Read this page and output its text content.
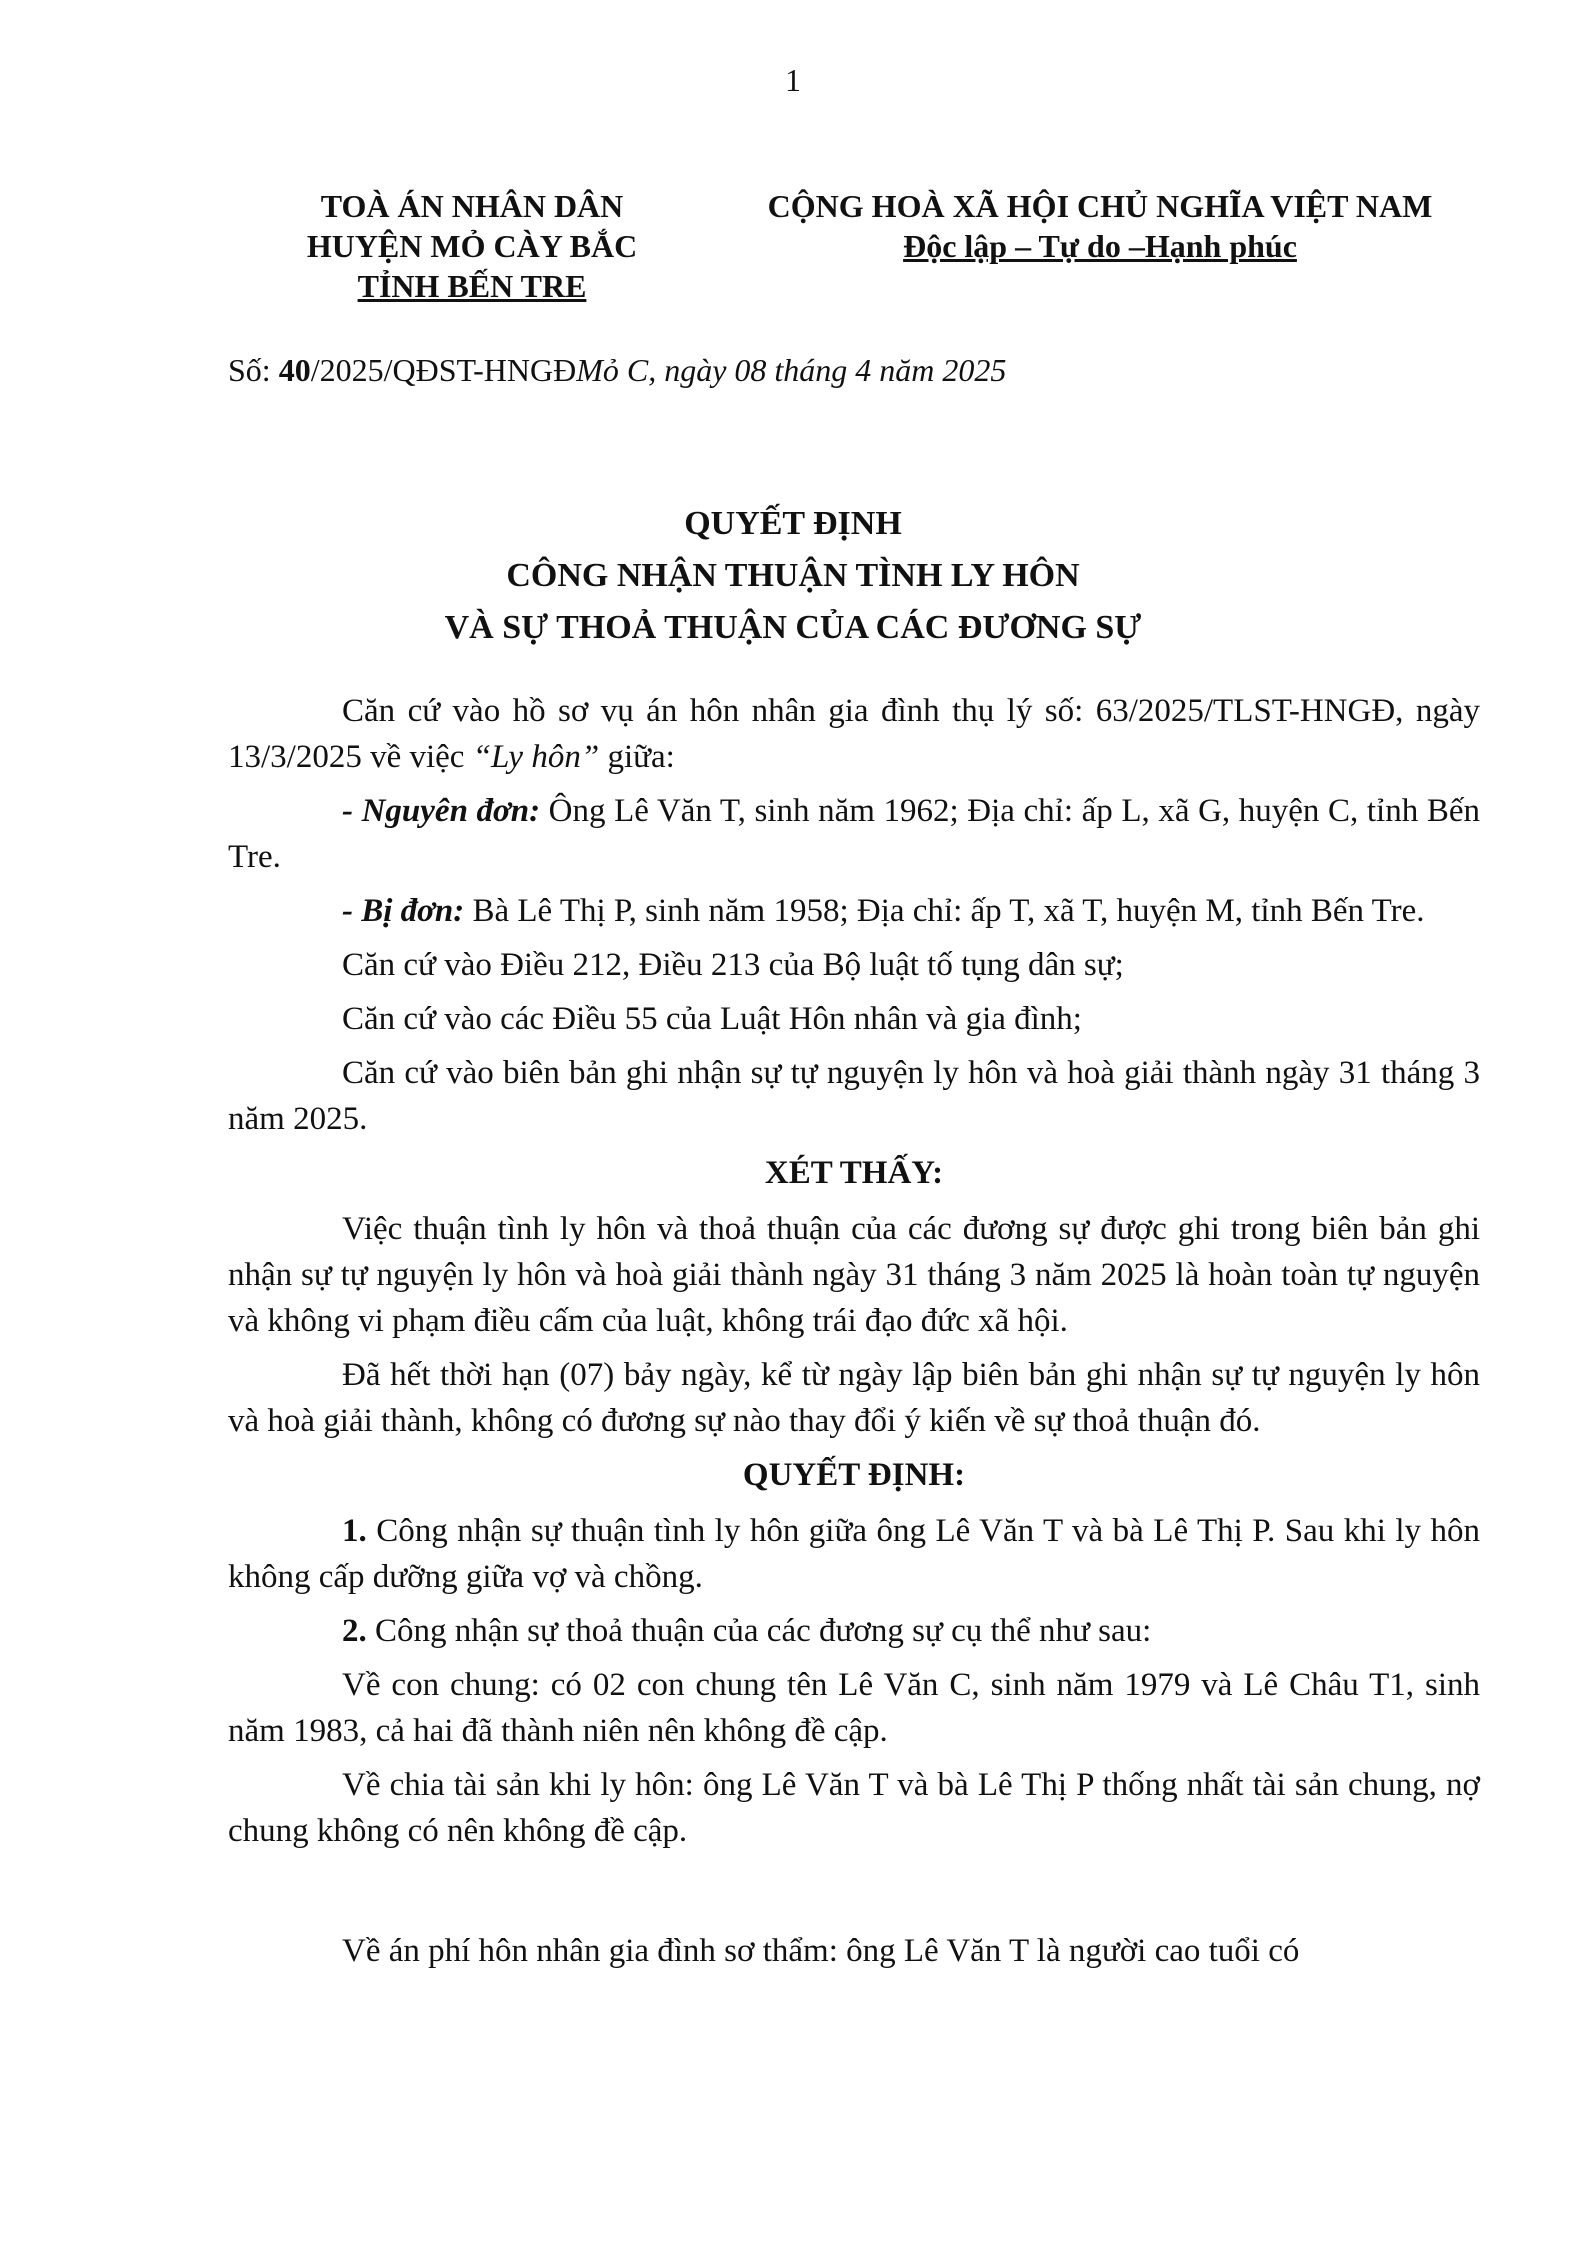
1
TOÀ ÁN NHÂN DÂN
HUYỆN MỎ CÀY BẮC
TỈNH BẾN TRE
CỘNG HOÀ XÃ HỘI CHỦ NGHĨA VIỆT NAM
Độc lập – Tự do –Hạnh phúc
Số: 40/2025/QĐST-HNGĐMỏ C, ngày 08 tháng 4 năm 2025
QUYẾT ĐỊNH
CÔNG NHẬN THUẬN TÌNH LY HÔN
VÀ SỰ THOẢ THUẬN CỦA CÁC ĐƯƠNG SỰ

Căn cứ vào hồ sơ vụ án hôn nhân gia đình thụ lý số: 63/2025/TLST-HNGĐ, ngày 13/3/2025 về việc “Ly hôn” giữa:

- Nguyên đơn: Ông Lê Văn T, sinh năm 1962; Địa chỉ: ấp L, xã G, huyện C, tỉnh Bến Tre.

- Bị đơn: Bà Lê Thị P, sinh năm 1958; Địa chỉ: ấp T, xã T, huyện M, tỉnh Bến Tre.

Căn cứ vào Điều 212, Điều 213 của Bộ luật tố tụng dân sự;

Căn cứ vào các Điều 55 của Luật Hôn nhân và gia đình;

Căn cứ vào biên bản ghi nhận sự tự nguyện ly hôn và hoà giải thành ngày 31 tháng 3 năm 2025.

XÉT THẤY:

Việc thuận tình ly hôn và thoả thuận của các đương sự được ghi trong biên bản ghi nhận sự tự nguyện ly hôn và hoà giải thành ngày 31 tháng 3 năm 2025 là hoàn toàn tự nguyện và không vi phạm điều cấm của luật, không trái đạo đức xã hội.

Đã hết thời hạn (07) bảy ngày, kể từ ngày lập biên bản ghi nhận sự tự nguyện ly hôn và hoà giải thành, không có đương sự nào thay đổi ý kiến về sự thoả thuận đó.

QUYẾT ĐỊNH:

1. Công nhận sự thuận tình ly hôn giữa ông Lê Văn T và bà Lê Thị P. Sau khi ly hôn không cấp dưỡng giữa vợ và chồng.

2. Công nhận sự thoả thuận của các đương sự cụ thể như sau:

Về con chung: có 02 con chung tên Lê Văn C, sinh năm 1979 và Lê Châu T1, sinh năm 1983, cả hai đã thành niên nên không đề cập.

Về chia tài sản khi ly hôn: ông Lê Văn T và bà Lê Thị P thống nhất tài sản chung, nợ chung không có nên không đề cập.

Về án phí hôn nhân gia đình sơ thẩm: ông Lê Văn T là người cao tuổi có
